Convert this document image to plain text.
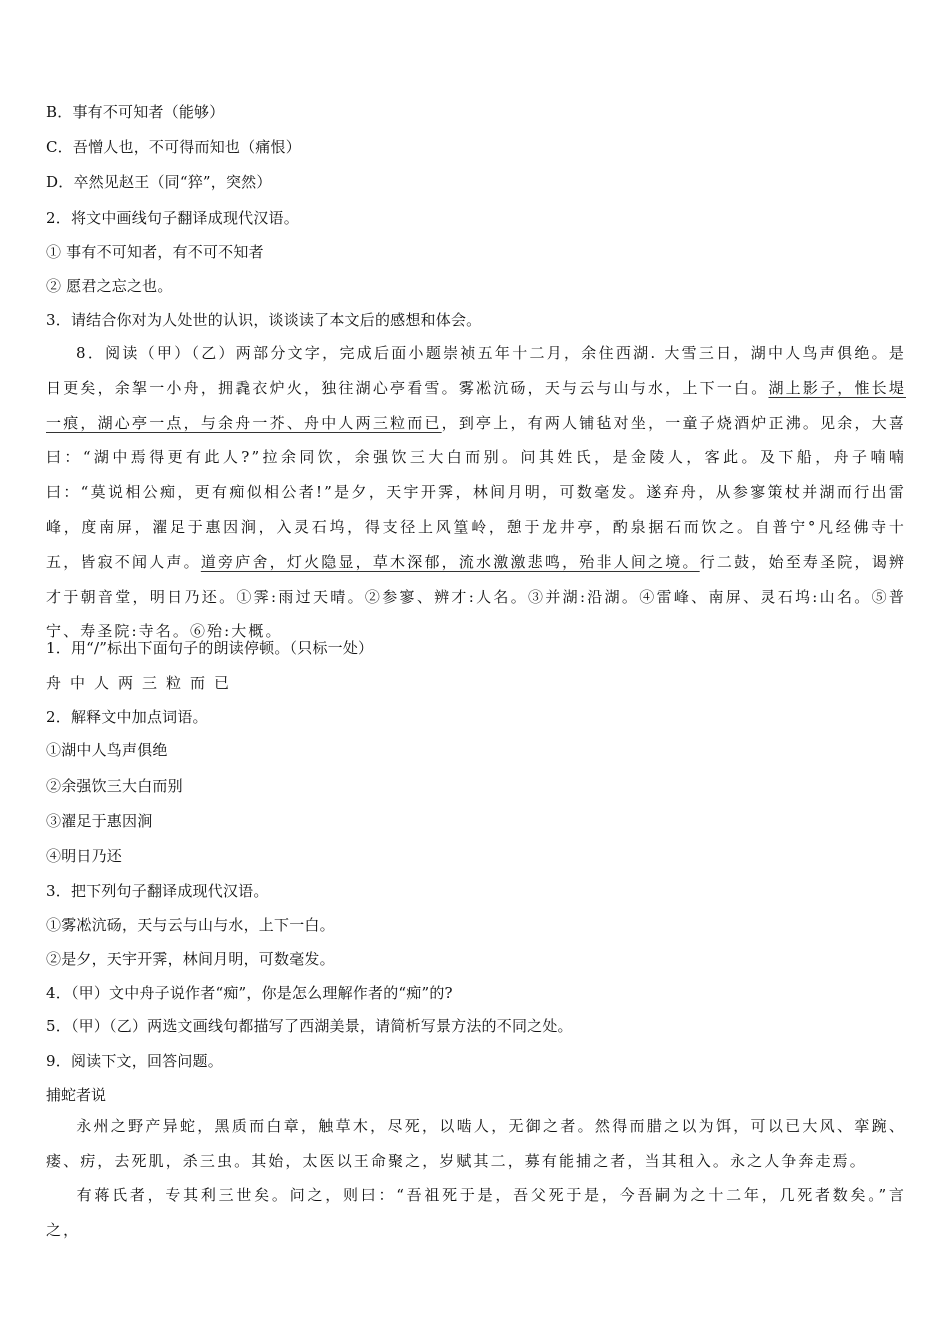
B．事有不可知者（能够）
C．吾憎人也，不可得而知也（痛恨）
D．卒然见赵王（同“猝”，突然）
2．将文中画线句子翻译成现代汉语。
① 事有不可知者，有不可不知者
② 愿君之忘之也。
3．请结合你对为人处世的认识，谈谈读了本文后的感想和体会。
8．阅读（甲）（乙）两部分文字，完成后面小题崇祯五年十二月，余住西湖. 大雪三日，湖中人鸟声俱绝。是日更矣，余挐一小舟，拥毳衣炉火，独往湖心亭看雪。雾凇沆砀，天与云与山与水，上下一白。湖上影子，惟长堤一痕，湖心亭一点，与余舟一芥、舟中人两三粒而已，到亭上，有两人铺毡对坐，一童子烧酒炉正沸。见余，大喜曰：“湖中焉得更有此人?”拉余同饮，余强饮三大白而别。问其姓氏，是金陵人，客此。及下船，舟子喃喃曰：“莫说相公痴，更有痴似相公者!”是夕，天宇开霁，林间月明，可数毫发。遂弃舟，从参寥策杖并湖而行出雷峰，度南屏，濯足于惠因涧，入灵石坞，得支径上风篁岭，憩于龙井亭，酌泉据石而饮之。自普宁°凡经佛寺十五，皆寂不闻人声。道旁庐舍，灯火隐显，草木深郁，流水激激悲鸣，殆非人间之境。行二鼓，始至寿圣院，谒辨才于朝音堂，明日乃还。①霁:雨过天晴。②参寥、辨才:人名。③并湖:沿湖。④雷峰、南屏、灵石坞:山名。⑤普宁、寿圣院:寺名。⑥殆:大概。
1．用“/”标出下面句子的朗读停顿。（只标一处）
舟中人两三粒而已
2．解释文中加点词语。
①湖中人鸟声俱绝
②余强饮三大白而别
③濯足于惠因涧
④明日乃还
3．把下列句子翻译成现代汉语。
①雾凇沆砀，天与云与山与水，上下一白。
②是夕，天宇开霁，林间月明，可数毫发。
4．（甲）文中舟子说作者“痴”，你是怎么理解作者的“痴”的?
5．（甲）（乙）两选文画线句都描写了西湖美景，请简析写景方法的不同之处。
9．阅读下文，回答问题。
捕蛇者说
永州之野产异蛇，黑质而白章，触草木，尽死，以啮人，无御之者。然得而腊之以为饵，可以已大风、挛踠、瘘、疠，去死肌，杀三虫。其始，太医以王命聚之，岁赋其二，募有能捕之者，当其租入。永之人争奔走焉。
有蒋氏者，专其利三世矣。问之，则曰：“吾祖死于是，吾父死于是，今吾嗣为之十二年，几死者数矣。”言之，
